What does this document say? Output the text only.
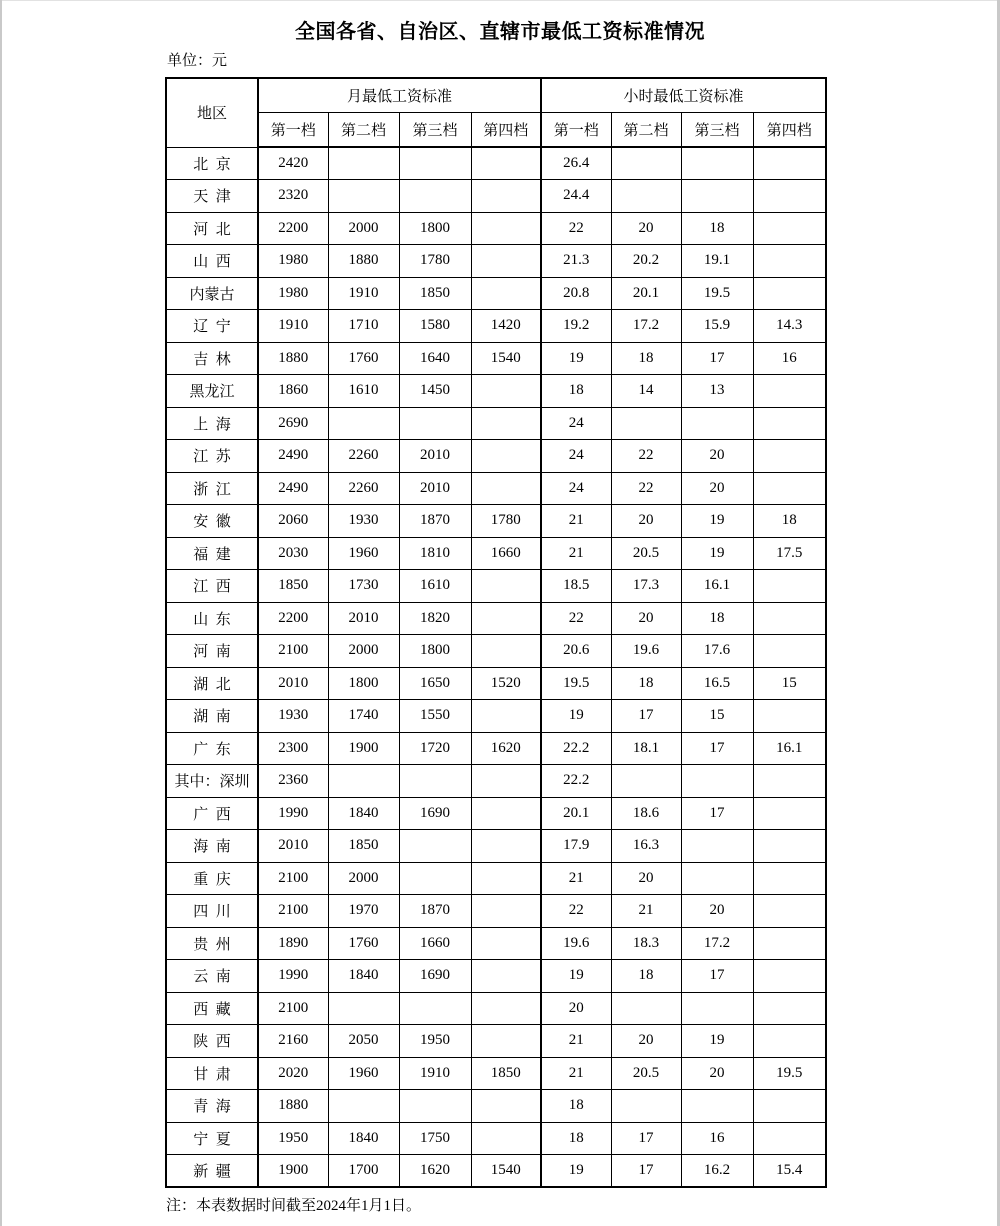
全国各省、自治区、直辖市最低工资标准情况
单位：元
地区	月最低工资标准				小时最低工资标准			
	第一档	第二档	第三档	第四档	第一档	第二档	第三档	第四档
北 京	2420				26.4			
天 津	2320				24.4			
河 北	2200	2000	1800		22	20	18	
山 西	1980	1880	1780		21.3	20.2	19.1	
内蒙古	1980	1910	1850		20.8	20.1	19.5	
辽 宁	1910	1710	1580	1420	19.2	17.2	15.9	14.3
吉 林	1880	1760	1640	1540	19	18	17	16
黑龙江	1860	1610	1450		18	14	13	
上 海	2690				24			
江 苏	2490	2260	2010		24	22	20	
浙 江	2490	2260	2010		24	22	20	
安 徽	2060	1930	1870	1780	21	20	19	18
福 建	2030	1960	1810	1660	21	20.5	19	17.5
江 西	1850	1730	1610		18.5	17.3	16.1	
山 东	2200	2010	1820		22	20	18	
河 南	2100	2000	1800		20.6	19.6	17.6	
湖 北	2010	1800	1650	1520	19.5	18	16.5	15
湖 南	1930	1740	1550		19	17	15	
广 东	2300	1900	1720	1620	22.2	18.1	17	16.1
其中：深圳	2360				22.2			
广 西	1990	1840	1690		20.1	18.6	17	
海 南	2010	1850			17.9	16.3		
重 庆	2100	2000			21	20		
四 川	2100	1970	1870		22	21	20	
贵 州	1890	1760	1660		19.6	18.3	17.2	
云 南	1990	1840	1690		19	18	17	
西 藏	2100				20			
陕 西	2160	2050	1950		21	20	19	
甘 肃	2020	1960	1910	1850	21	20.5	20	19.5
青 海	1880				18			
宁 夏	1950	1840	1750		18	17	16	
新 疆	1900	1700	1620	1540	19	17	16.2	15.4
注：本表数据时间截至2024年1月1日。
